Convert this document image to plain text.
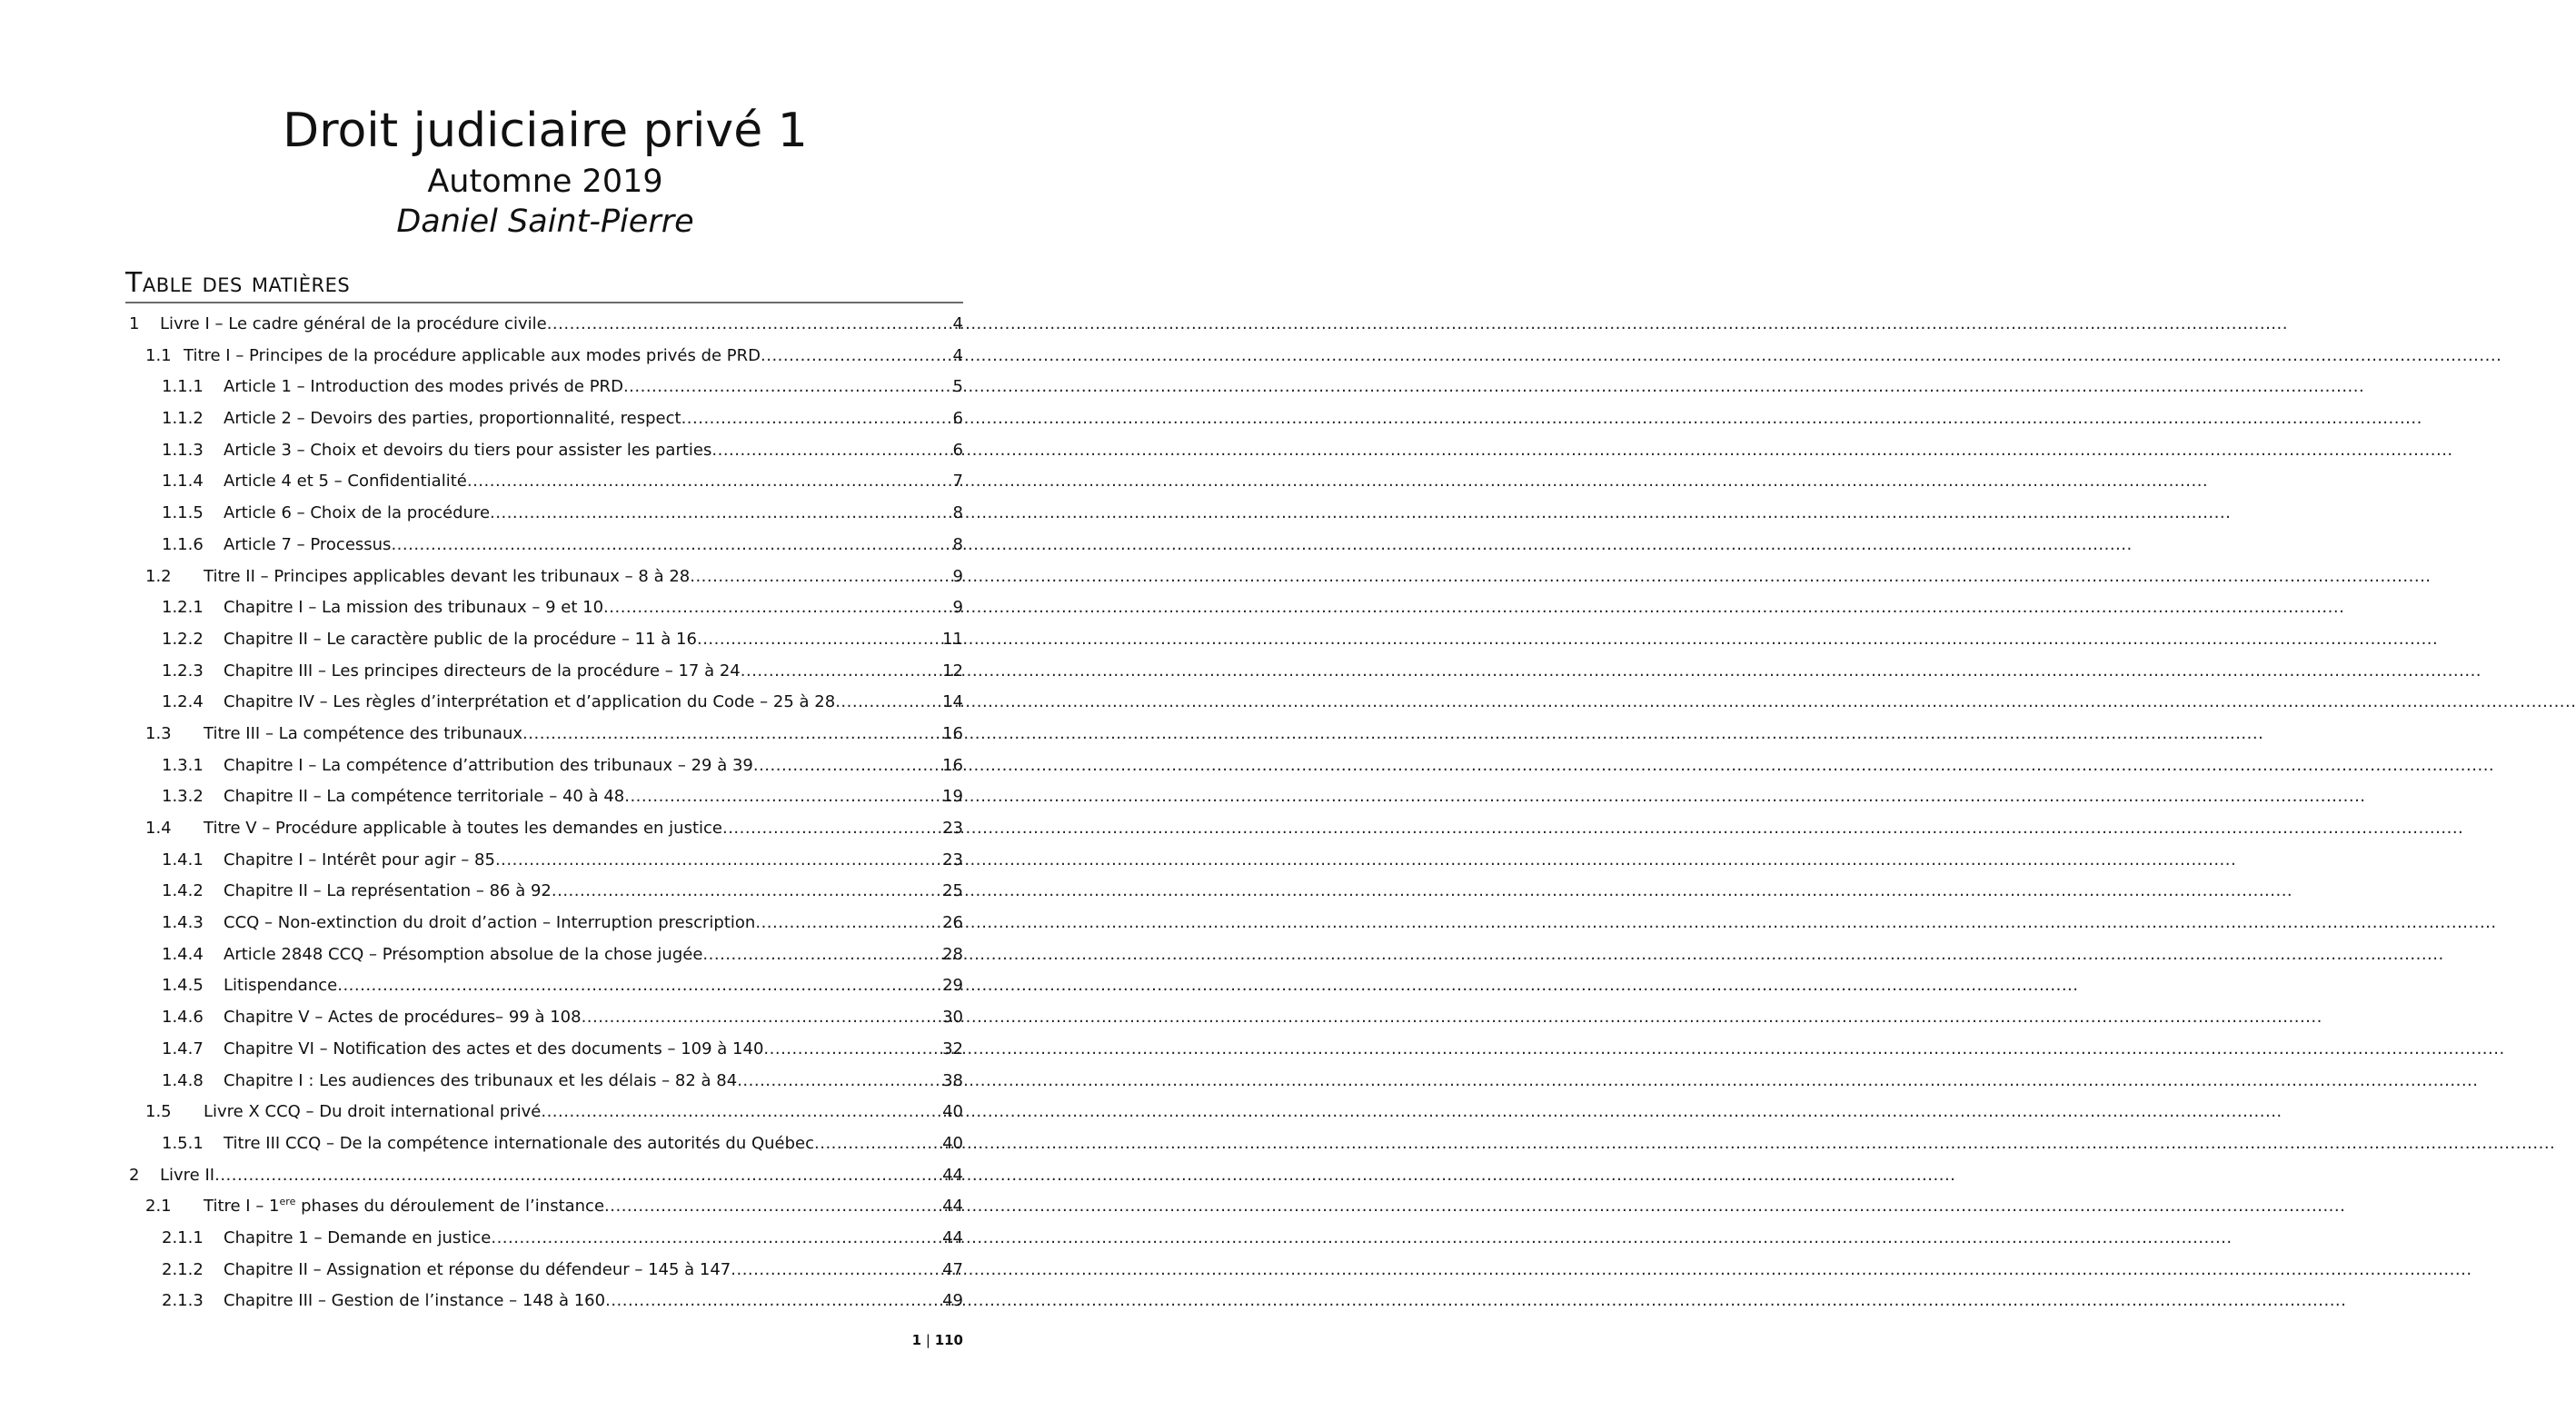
Droit judiciaire privé 1
Automne 2019
Daniel Saint-Pierre
Table des matières
1	Livre I – Le cadre général de la procédure civile .....	4
1.1 Titre I – Principes de la procédure applicable aux modes privés de PRD .....	4
1.1.1	Article 1 – Introduction des modes privés de PRD .....	5
1.1.2	Article 2 – Devoirs des parties, proportionnalité, respect .....	6
1.1.3	Article 3 – Choix et devoirs du tiers pour assister les parties .....	6
1.1.4	Article 4 et 5 – Confidentialité .....	7
1.1.5	Article 6 – Choix de la procédure .....	8
1.1.6	Article 7 – Processus .....	8
1.2	Titre II – Principes applicables devant les tribunaux – 8 à 28 .....	9
1.2.1	Chapitre I – La mission des tribunaux – 9 et 10 .....	9
1.2.2	Chapitre II – Le caractère public de la procédure – 11 à 16 .....	11
1.2.3	Chapitre III – Les principes directeurs de la procédure – 17 à 24 .....	12
1.2.4	Chapitre IV – Les règles d’interprétation et d’application du Code – 25 à 28 .....	14
1.3	Titre III – La compétence des tribunaux .....	16
1.3.1	Chapitre I – La compétence d’attribution des tribunaux – 29 à 39 .....	16
1.3.2	Chapitre II – La compétence territoriale – 40 à 48 .....	19
1.4	Titre V – Procédure applicable à toutes les demandes en justice .....	23
1.4.1	Chapitre I – Intérêt pour agir – 85 .....	23
1.4.2	Chapitre II – La représentation – 86 à 92 .....	25
1.4.3	CCQ – Non-extinction du droit d’action – Interruption prescription .....	26
1.4.4	Article 2848 CCQ – Présomption absolue de la chose jugée .....	28
1.4.5	Litispendance .....	29
1.4.6	Chapitre V – Actes de procédures– 99 à 108 .....	30
1.4.7	Chapitre VI – Notification des actes et des documents – 109 à 140 .....	32
1.4.8	Chapitre I : Les audiences des tribunaux et les délais – 82 à 84 .....	38
1.5	Livre X CCQ – Du droit international privé .....	40
1.5.1	Titre III CCQ – De la compétence internationale des autorités du Québec .....	40
2	Livre II .....	44
2.1	Titre I – 1ere phases du déroulement de l’instance .....	44
2.1.1	Chapitre 1 – Demande en justice .....	44
2.1.2	Chapitre II – Assignation et réponse du défendeur – 145 à 147 .....	47
2.1.3	Chapitre III – Gestion de l’instance – 148 à 160 .....	49
1 | 110
